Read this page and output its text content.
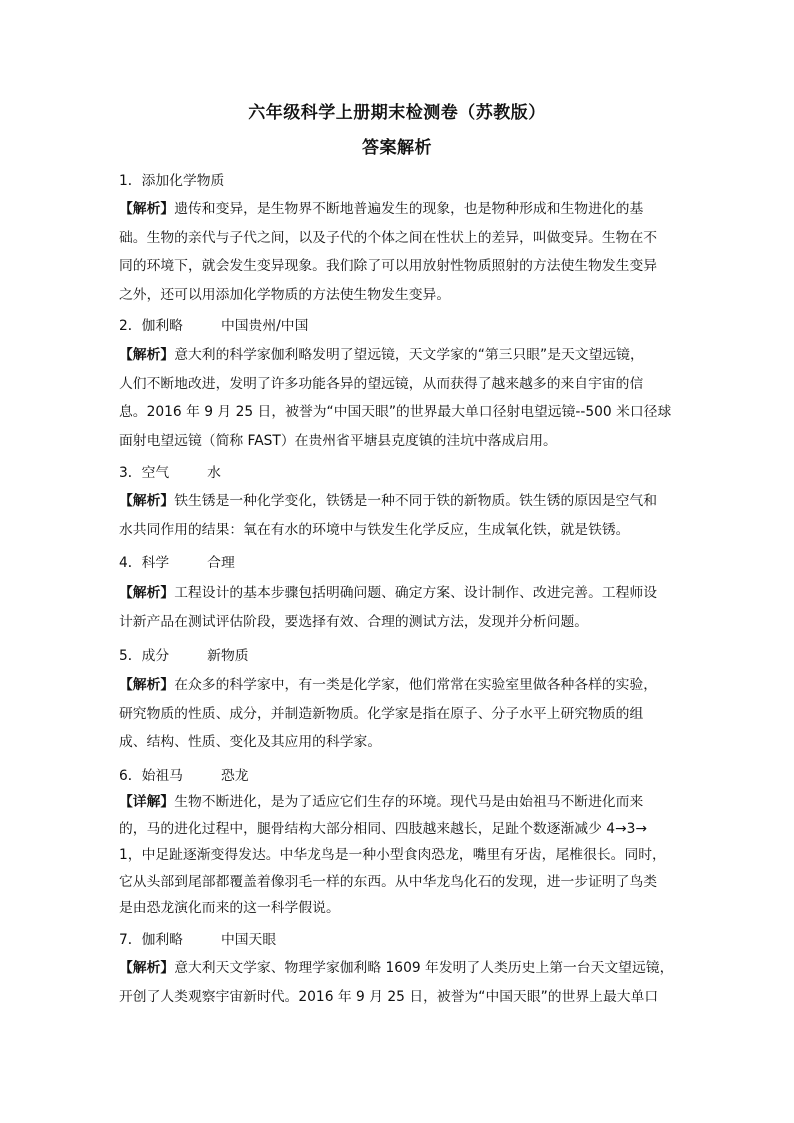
六年级科学上册期末检测卷（苏教版）
答案解析
1．添加化学物质
【解析】遗传和变异，是生物界不断地普遍发生的现象，也是物种形成和生物进化的基
础。生物的亲代与子代之间，以及子代的个体之间在性状上的差异，叫做变异。生物在不
同的环境下，就会发生变异现象。我们除了可以用放射性物质照射的方法使生物发生变异
之外，还可以用添加化学物质的方法使生物发生变异。
2．伽利略	中国贵州/中国
【解析】意大利的科学家伽利略发明了望远镜，天文学家的“第三只眼”是天文望远镜，
人们不断地改进，发明了许多功能各异的望远镜，从而获得了越来越多的来自宇宙的信
息。2016 年 9 月 25 日，被誉为“中国天眼”的世界最大单口径射电望远镜--500 米口径球
面射电望远镜（简称 FAST）在贵州省平塘县克度镇的洼坑中落成启用。
3．空气	水
【解析】铁生锈是一种化学变化，铁锈是一种不同于铁的新物质。铁生锈的原因是空气和
水共同作用的结果：氧在有水的环境中与铁发生化学反应，生成氧化铁，就是铁锈。
4．科学	合理
【解析】工程设计的基本步骤包括明确问题、确定方案、设计制作、改进完善。工程师设
计新产品在测试评估阶段，要选择有效、合理的测试方法，发现并分析问题。
5．成分	新物质
【解析】在众多的科学家中，有一类是化学家，他们常常在实验室里做各种各样的实验，
研究物质的性质、成分，并制造新物质。化学家是指在原子、分子水平上研究物质的组
成、结构、性质、变化及其应用的科学家。
6．始祖马	恐龙
【详解】生物不断进化，是为了适应它们生存的环境。现代马是由始祖马不断进化而来
的，马的进化过程中，腿骨结构大部分相同、四肢越来越长，足趾个数逐渐减少 4→3→
1，中足趾逐渐变得发达。中华龙鸟是一种小型食肉恐龙，嘴里有牙齿，尾椎很长。同时，
它从头部到尾部都覆盖着像羽毛一样的东西。从中华龙鸟化石的发现，进一步证明了鸟类
是由恐龙演化而来的这一科学假说。
7．伽利略	中国天眼
【解析】意大利天文学家、物理学家伽利略 1609 年发明了人类历史上第一台天文望远镜，
开创了人类观察宇宙新时代。2016 年 9 月 25 日，被誉为“中国天眼”的世界上最大单口
